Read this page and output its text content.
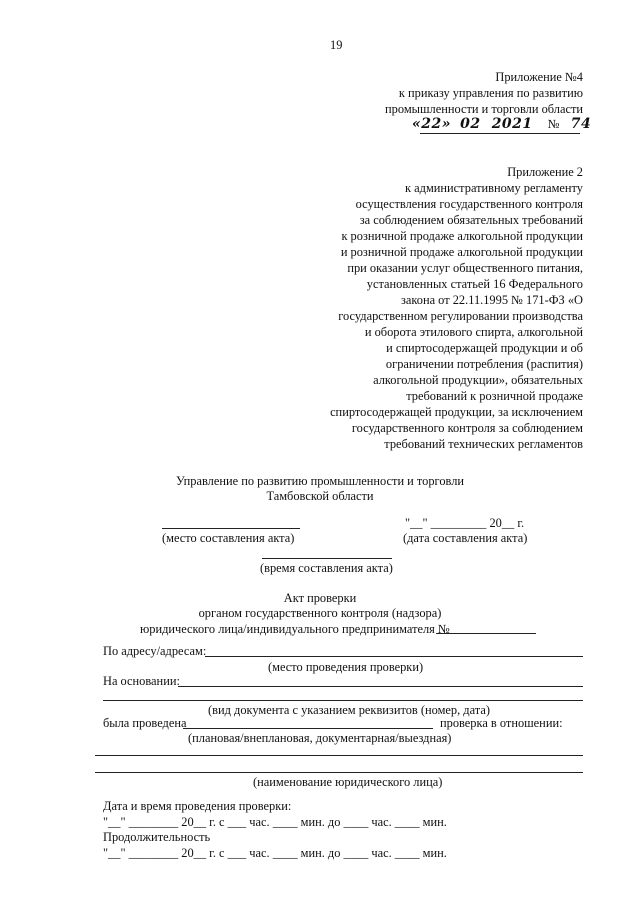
19
Приложение №4
к приказу управления по развитию
промышленности и торговли области
«22» 02 2021 № 74
Приложение 2
к административному регламенту
осуществления государственного контроля
за соблюдением обязательных требований
к розничной продаже алкогольной продукции
и розничной продаже алкогольной продукции
при оказании услуг общественного питания,
установленных статьей 16 Федерального
закона от 22.11.1995 № 171-ФЗ «О
государственном регулировании производства
и оборота этилового спирта, алкогольной
и спиртосодержащей продукции и об
ограничении потребления (распития)
алкогольной продукции», обязательных
требований к розничной продаже
спиртосодержащей продукции, за исключением
государственного контроля за соблюдением
требований технических регламентов
Управление по развитию промышленности и торговли
Тамбовской области
"__" _________ 20__ г.
(место составления акта)	(дата составления акта)
(время составления акта)
Акт проверки
органом государственного контроля (надзора)
юридического лица/индивидуального предпринимателя №
По адресу/адресам:
(место проведения проверки)
На основании:
(вид документа с указанием реквизитов (номер, дата)
была проведена	проверка в отношении:
(плановая/внеплановая, документарная/выездная)
(наименование юридического лица)
Дата и время проведения проверки:
"__" ________ 20__ г. с ___ час. ____ мин. до ____ час. ____ мин.
Продолжительность
"__" ________ 20__ г. с ___ час. ____ мин. до ____ час. ____ мин.
